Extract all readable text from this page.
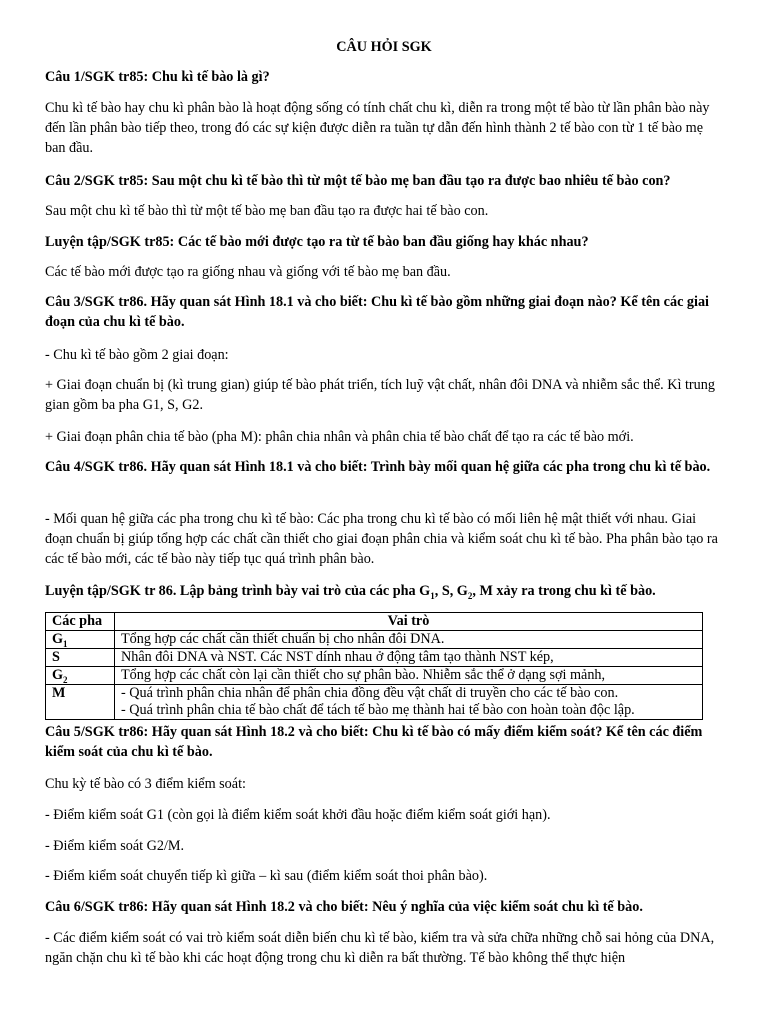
CÂU HỎI SGK

Câu 1/SGK tr85: Chu kì tế bào là gì?

Chu kì tế bào hay chu kì phân bào là hoạt động sống có tính chất chu kì, diễn ra trong một tế bào từ lần phân bào này đến lần phân bào tiếp theo, trong đó các sự kiện được diễn ra tuần tự dẫn đến hình thành 2 tế bào con từ 1 tế bào mẹ ban đầu.

Câu 2/SGK tr85: Sau một chu kì tế bào thì từ một tế bào mẹ ban đầu tạo ra được bao nhiêu tế bào con?

Sau một chu kì tế bào thì từ một tế bào mẹ ban đầu tạo ra được hai tế bào con.

Luyện tập/SGK tr85: Các tế bào mới được tạo ra từ tế bào ban đầu giống hay khác nhau?

Các tế bào mới được tạo ra giống nhau và giống với tế bào mẹ ban đầu.

Câu 3/SGK tr86. Hãy quan sát Hình 18.1 và cho biết: Chu kì tế bào gồm những giai đoạn nào? Kể tên các giai đoạn của chu kì tế bào.

- Chu kì tế bào gồm 2 giai đoạn:

+ Giai đoạn chuẩn bị (kì trung gian) giúp tế bào phát triển, tích luỹ vật chất, nhân đôi DNA và nhiễm sắc thể. Kì trung gian gồm ba pha G1, S, G2.

+ Giai đoạn phân chia tế bào (pha M): phân chia nhân và phân chia tế bào chất để tạo ra các tế bào mới.

Câu 4/SGK tr86. Hãy quan sát Hình 18.1 và cho biết: Trình bày mối quan hệ giữa các pha trong chu kì tế bào.

- Mối quan hệ giữa các pha trong chu kì tế bào: Các pha trong chu kì tế bào có mối liên hệ mật thiết với nhau. Giai đoạn chuẩn bị giúp tổng hợp các chất cần thiết cho giai đoạn phân chia và kiểm soát chu kì tế bào. Pha phân bào tạo ra các tế bào mới, các tế bào này tiếp tục quá trình phân bào.

Luyện tập/SGK tr 86. Lập bảng trình bày vai trò của các pha $G_1$, S, $G_2$, M xảy ra trong chu kì tế bào.

Các pha	Vai trò
$G_1$	Tổng hợp các chất cần thiết chuẩn bị cho nhân đôi DNA.
S	Nhân đôi DNA và NST. Các NST dính nhau ở động tâm tạo thành NST kép,
$G_2$	Tổng hợp các chất còn lại cần thiết cho sự phân bào. Nhiễm sắc thể ở dạng sợi mảnh,
M	- Quá trình phân chia nhân để phân chia đồng đều vật chất di truyền cho các tế bào con.
- Quá trình phân chia tế bào chất để tách tế bào mẹ thành hai tế bào con hoàn toàn độc lập.

Câu 5/SGK tr86: Hãy quan sát Hình 18.2 và cho biết: Chu kì tế bào có mấy điểm kiểm soát? Kể tên các điểm kiểm soát của chu kì tế bào.

Chu kỳ tế bào có 3 điểm kiểm soát:

- Điểm kiểm soát G1 (còn gọi là điểm kiểm soát khởi đầu hoặc điểm kiểm soát giới hạn).

- Điểm kiểm soát G2/M.

- Điểm kiểm soát chuyển tiếp kì giữa – kì sau (điểm kiểm soát thoi phân bào).

Câu 6/SGK tr86: Hãy quan sát Hình 18.2 và cho biết: Nêu ý nghĩa của việc kiểm soát chu kì tế bào.

- Các điểm kiểm soát có vai trò kiểm soát diễn biến chu kì tế bào, kiểm tra và sửa chữa những chỗ sai hỏng của DNA, ngăn chặn chu kì tế bào khi các hoạt động trong chu kì diễn ra bất thường. Tế bào không thể thực hiện
